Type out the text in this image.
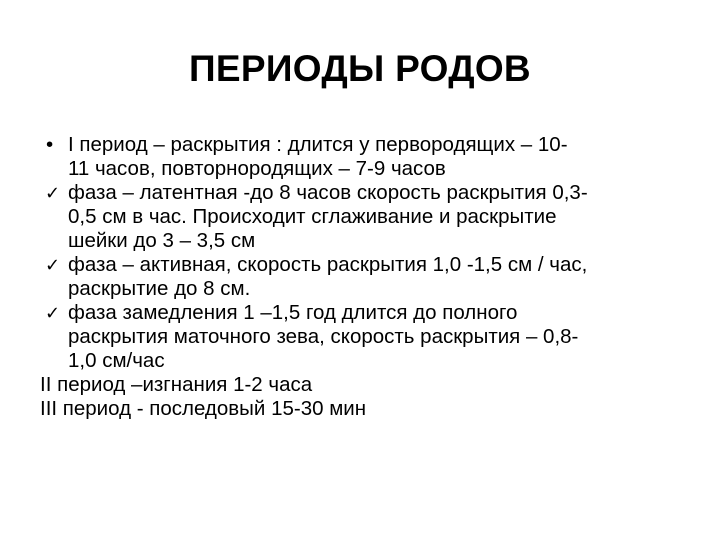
ПЕРИОДЫ РОДОВ
• I период – раскрытия : длится у первородящих – 10-
11 часов, повторнородящих – 7-9 часов
✓ фаза – латентная -до 8 часов скорость раскрытия 0,3-
0,5 см в час. Происходит сглаживание и раскрытие
шейки до 3 – 3,5 см
✓ фаза – активная, скорость раскрытия 1,0 -1,5 см / час,
раскрытие до 8 см.
✓ фаза замедления 1 –1,5 год длится до полного
раскрытия маточного зева, скорость раскрытия – 0,8-
1,0 см/час
II период –изгнания 1-2 часа
III период - последовый 15-30 мин
